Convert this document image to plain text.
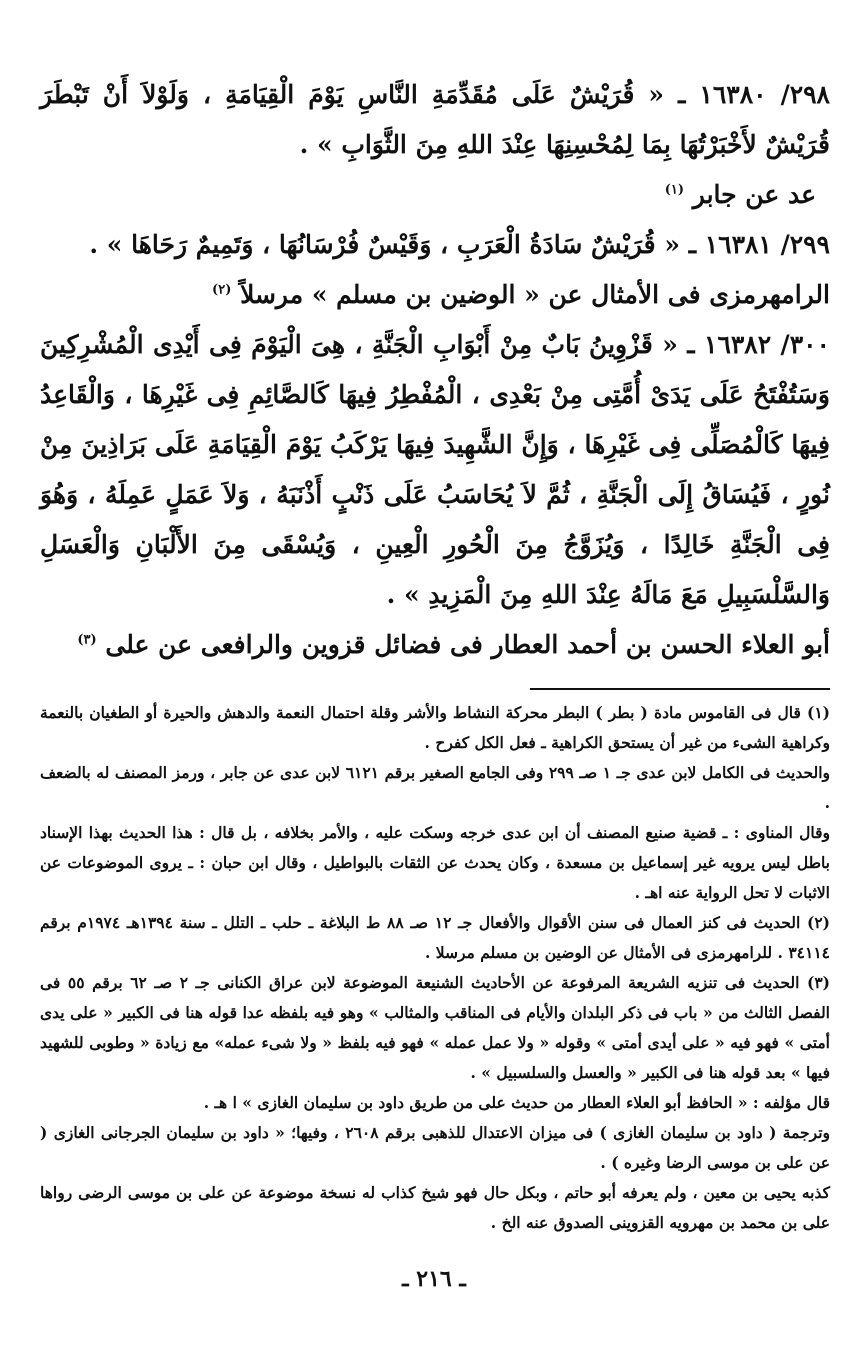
٢٩٨/ ١٦٣٨٠ ـ « قُرَيْشٌ عَلَى مُقَدِّمَةِ النَّاسِ يَوْمَ الْقِيَامَةِ ، وَلَوْلاَ أَنْ تَبْطَرَ قُرَيْشٌ لأَخْبَرْتُهَا بِمَا لِمُحْسِنِهَا عِنْدَ اللهِ مِنَ الثَّوَابِ » .

عد عن جابر $^{(١)}$

٢٩٩/ ١٦٣٨١ ـ « قُرَيْشٌ سَادَةُ الْعَرَبِ ، وَقَيْسٌ فُرْسَانُهَا ، وَتَمِيمٌ رَحَاهَا » .

الرامهرمزى فى الأمثال عن « الوضين بن مسلم » مرسلاً $^{(٢)}$

٣٠٠/ ١٦٣٨٢ ـ « قَزْوِينُ بَابٌ مِنْ أَبْوَابِ الْجَنَّةِ ، هِىَ الْيَوْمَ فِى أَيْدِى الْمُشْرِكِينَ وَسَتُفْتَحُ عَلَى يَدَىْ أُمَّتِى مِنْ بَعْدِى ، الْمُفْطِرُ فِيهَا كَالصَّائِمِ فِى غَيْرِهَا ، وَالْقَاعِدُ فِيهَا كَالْمُصَلِّى فِى غَيْرِهَا ، وَإِنَّ الشَّهِيدَ فِيهَا يَرْكَبُ يَوْمَ الْقِيَامَةِ عَلَى بَرَاذِينَ مِنْ نُورٍ ، فَيُسَاقُ إِلَى الْجَنَّةِ ، ثُمَّ لاَ يُحَاسَبُ عَلَى ذَنْبٍ أَذْنَبَهُ ، وَلاَ عَمَلٍ عَمِلَهُ ، وَهُوَ فِى الْجَنَّةِ خَالِدًا ، وَيُزَوَّجُ مِنَ الْحُورِ الْعِينِ ، وَيُسْقَى مِنَ الأَلْبَانِ وَالْعَسَلِ وَالسَّلْسَبِيلِ مَعَ مَالَهُ عِنْدَ اللهِ مِنَ الْمَزِيدِ » .

أبو العلاء الحسن بن أحمد العطار فى فضائل قزوين والرافعى عن على $^{(٣)}$

(١) قال فى القاموس مادة ( بطر ) البطر محركة النشاط والأشر وقلة احتمال النعمة والدهش والحيرة أو الطغيان بالنعمة وكراهية الشىء من غير أن يستحق الكراهية ـ فعل الكل كفرح .

والحديث فى الكامل لابن عدى جـ ١ صـ ٢٩٩ وفى الجامع الصغير برقم ٦١٢١ لابن عدى عن جابر ، ورمز المصنف له بالضعف .

وقال المناوى : ـ قضية صنيع المصنف أن ابن عدى خرجه وسكت عليه ، والأمر بخلافه ، بل قال : هذا الحديث بهذا الإسناد باطل ليس يرويه غير إسماعيل بن مسعدة ، وكان يحدث عن الثقات بالبواطيل ، وقال ابن حبان : ـ يروى الموضوعات عن الاثبات لا تحل الرواية عنه اهـ .

(٢) الحديث فى كنز العمال فى سنن الأقوال والأفعال جـ ١٢ صـ ٨٨ ط البلاغة ـ حلب ـ التلل ـ سنة ١٣٩٤هـ ١٩٧٤م برقم ٣٤١١٤ . للرامهرمزى فى الأمثال عن الوضين بن مسلم مرسلا .

(٣) الحديث فى تنزيه الشريعة المرفوعة عن الأحاديث الشنيعة الموضوعة لابن عراق الكنانى جـ ٢ صـ ٦٢ برقم ٥٥ فى الفصل الثالث من « باب فى ذكر البلدان والأيام فى المناقب والمثالب » وهو فيه بلفظه عدا قوله هنا فى الكبير « على يدى أمتى » فهو فيه « على أيدى أمتى » وقوله « ولا عمل عمله » فهو فيه بلفظ « ولا شىء عمله» مع زيادة « وطوبى للشهيد فيها » بعد قوله هنا فى الكبير « والعسل والسلسبيل » .

قال مؤلفه : « الحافظ أبو العلاء العطار من حديث على من طريق داود بن سليمان الغازى » ا هـ .

وترجمة ( داود بن سليمان الغازى ) فى ميزان الاعتدال للذهبى برقم ٢٦٠٨ ، وفيها؛ « داود بن سليمان الجرجانى الغازى ( عن على بن موسى الرضا وغيره ) .

كذبه يحيى بن معين ، ولم يعرفه أبو حاتم ، وبكل حال فهو شيخ كذاب له نسخة موضوعة عن على بن موسى الرضى رواها على بن محمد بن مهرويه القزوينى الصدوق عنه الخ .

ـ ٢١٦ ـ
